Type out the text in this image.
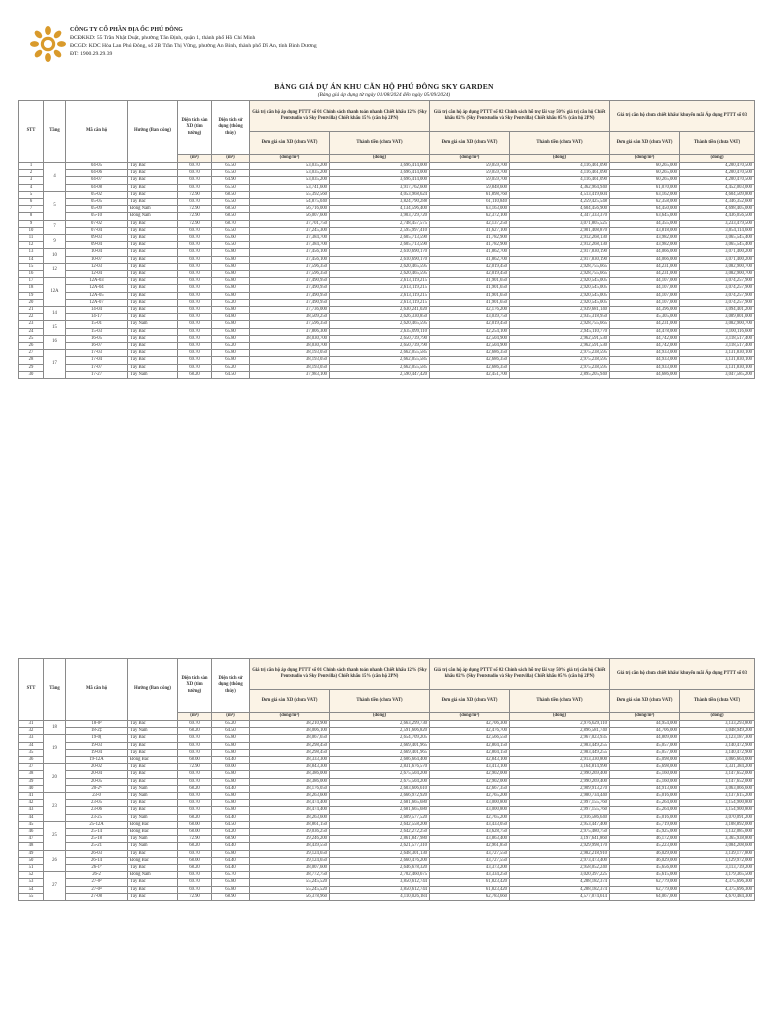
CÔNG TY CỔ PHẦN ĐỊA ỐC PHÚ ĐÔNG
ĐCĐKKD: 55 Trần Nhật Duật, phường Tân Định, quận 1, thành phố Hồ Chí Minh
ĐCGD: KDC Hòa Lan Phú Đông, số 2B Trần Thị Vững, phường An Bình, thành phố Dĩ An, tỉnh Bình Dương
ĐT: 1900.29.29.39
BẢNG GIÁ DỰ ÁN KHU CĂN HỘ PHÚ ĐÔNG SKY GARDEN
(Bảng giá áp dụng từ ngày 01/08/2024 đến ngày 05/09/2024)
STT	Tầng	Mã căn hộ	Hướng (Ban công)	Diện tích sàn XD (tim tường)	Diện tích sử dụng (thông thủy)	Giá trị căn hộ áp dụng PTTT số 01 Chính sách thanh toán nhanh Chiết khấu 12% (Sky Pentstudio và Sky Pentvilla) Chiết khấu 15% (căn hộ 2PN)		Giá trị căn hộ áp dụng PTTT số 02 Chính sách hỗ trợ lãi vay 50% giá trị căn hộ Chiết khấu 02% (Sky Pentstudio và Sky Pentvilla) Chiết khấu 05% (căn hộ 2PN)		Giá trị căn hộ chưa chiết khấu/ khuyến mãi Áp dụng PTTT số 03	
						Đơn giá sàn XD (chưa VAT)	Thành tiền (chưa VAT)	Đơn giá sàn XD (chưa VAT)	Thành tiền (chưa VAT)	Đơn giá sàn XD (chưa VAT)	Thành tiền (chưa VAT)
				(m²)	(m²)	(đồng/m²)	(đồng)	(đồng/m²)	(đồng)	(đồng/m²)	(đồng)
1	4	04-05	Tây Bắc	69.70	65.50	53,035,200	3,696,414,000	59,059,700	4,116,461,090	60,265,000	4,200,470,500
2		04-06	Tây Bắc	69.70	65.50	53,035,200	3,696,414,000	59,059,700	4,116,461,090	60,265,000	4,200,470,500
3		04-07	Tây Bắc	69.70	64.90	53,035,200	3,696,414,000	59,059,700	4,116,461,090	60,265,000	4,200,470,500
4		04-08	Tây Bắc	69.70	65.50	53,741,600	3,917,762,600	59,848,600	4,362,964,940	61,070,000	4,452,003,000
5	5	05-02	Tây Bắc	72.90	68.50	55,392,560	4,053,968,624	61,898,760	4,513,419,604	63,162,000	4,604,509,800
6		05-05	Tây Bắc	69.70	65.50	54,875,040	3,824,790,288	61,110,840	4,259,425,548	62,358,000	4,346,352,600
7		05-09	Đông Nam	72.90	68.50	56,716,000	4,134,596,400	63,163,000	4,604,456,900	64,450,000	4,698,405,000
8		05-10	Đông Nam	72.90	68.50	56,007,600	3,903,729,720	62,372,100	4,347,333,370	63,645,000	4,436,056,500
9	7	07-02	Tây Bắc	72.90	68.70	37,701,750	2,748,457,575	42,137,250	3,071,805,525	44,355,000	3,233,479,500
10		07-04	Tây Bắc	69.70	65.50	37,245,300	2,595,997,410	41,627,100	2,901,408,870	43,818,000	3,054,114,600
11	9	09-03	Tây Bắc	69.70	65.60	37,384,700	2,605,713,590	41,782,900	2,912,268,130	43,982,000	3,065,545,400
12		09-04	Tây Bắc	69.70	65.50	37,384,700	2,605,713,590	41,782,900	2,912,268,130	43,982,000	3,065,545,400
13	10	10-04	Tây Bắc	69.70	65.80	37,456,100	2,610,690,170	41,862,700	2,917,830,190	44,066,000	3,071,400,200
14		10-07	Tây Bắc	69.70	65.80	37,456,100	2,610,690,170	41,862,700	2,917,830,190	44,066,000	3,071,400,200
15	12	12-03	Tây Bắc	69.70	65.80	37,596,350	2,620,465,595	42,019,450	2,928,755,665	44,231,000	3,082,900,700
16		12-04	Tây Bắc	69.70	65.80	37,596,350	2,620,465,595	42,019,450	2,928,755,665	44,231,000	3,082,900,700
17	12A	12A-03	Tây Bắc	69.70	65.80	37,490,950	2,613,119,215	41,901,650	2,920,545,005	44,107,000	3,074,257,900
18		12A-04	Tây Bắc	69.70	65.80	37,490,950	2,613,119,215	41,901,650	2,920,545,005	44,107,000	3,074,257,900
19		12A-05	Tây Bắc	69.70	65.80	37,490,950	2,613,119,215	41,901,650	2,920,545,005	44,107,000	3,074,257,900
20		12A-07	Tây Bắc	69.70	65.20	37,490,950	2,613,119,215	41,901,650	2,920,545,005	44,107,000	3,074,257,900
21	14	14-04	Tây Bắc	69.70	65.80	37,736,000	2,630,241,020	42,176,200	2,939,681,140	44,396,000	3,094,401,200
22		14-17	Tây Bắc	69.70	64.80	38,509,250	2,626,330,850	43,039,750	2,935,318,950	45,305,000	3,089,801,000
23	15	15-01	Tây Nam	69.70	65.80	37,596,350	2,620,465,595	42,019,450	2,928,755,665	44,231,000	3,082,900,700
24		15-03	Tây Bắc	69.70	65.80	37,806,300	2,635,099,110	42,254,100	2,945,110,770	44,478,000	3,100,116,600
25	16	16-05	Tây Bắc	69.70	65.80	38,030,700	2,650,739,790	42,504,900	2,962,591,530	44,742,000	3,118,517,400
26		16-07	Tây Bắc	69.70	65.20	38,030,700	2,650,739,790	42,504,900	2,962,591,530	44,742,000	3,118,517,400
27	17	17-03	Tây Bắc	69.70	65.80	38,193,050	2,662,055,585	42,686,350	2,975,238,595	44,933,000	3,131,830,100
28		17-04	Tây Bắc	69.70	65.80	38,193,050	2,662,055,585	42,686,350	2,975,238,595	44,933,000	3,131,830,100
29		17-07	Tây Bắc	69.70	65.20	38,193,050	2,662,055,585	42,686,350	2,975,238,595	44,933,000	3,131,830,100
30		17-27	Tây Nam	68.20	64.50	37,983,100	2,590,447,420	42,451,700	2,895,205,940	44,686,000	3,047,585,200
STT	Tầng	Mã căn hộ	Hướng (Ban công)	Diện tích sàn XD (tim tường)	Diện tích sử dụng (thông thủy)	Giá trị căn hộ áp dụng PTTT số 01 Chính sách thanh toán nhanh Chiết khấu 12% (Sky Pentstudio và Sky Pentvilla) Chiết khấu 15% (căn hộ 2PN)		Giá trị căn hộ áp dụng PTTT số 02 Chính sách hỗ trợ lãi vay 50% giá trị căn hộ Chiết khấu 02% (Sky Pentstudio và Sky Pentvilla) Chiết khấu 05% (căn hộ 2PN)		Giá trị căn hộ chưa chiết khấu/ khuyến mãi Áp dụng PTTT số 03	
						Đơn giá sàn XD (chưa VAT)	Thành tiền (chưa VAT)	Đơn giá sàn XD (chưa VAT)	Thành tiền (chưa VAT)	Đơn giá sàn XD (chưa VAT)	Thành tiền (chưa VAT)
				(m²)	(m²)	(đồng/m²)	(đồng)	(đồng/m²)	(đồng)	(đồng/m²)	(đồng)
31	18	18-0²	Tây Bắc	69.70	65.20	38,210,900	2,663,299,730	42,706,300	2,976,629,110	44,954,000	3,133,293,800
32		18-2‡	Tây Nam	68.20	64.50	38,006,100	2,591,606,820	42,476,700	2,896,581,740	44,706,000	3,048,949,200
33	19	19-0(	Tây Bắc	69.70	65.80	38,067,650	2,654,709,205	42,566,550	2,967,023,935	44,809,000	3,123,187,300
34		19-03	Tây Bắc	69.70	65.80	38,298,450	2,669,401,965	42,804,150	2,983,449,255	45,057,000	3,140,472,900
35		19-04	Tây Bắc	69.70	65.80	38,298,450	2,669,401,965	42,804,150	2,983,449,255	45,057,000	3,140,472,900
36		19-12A	Đông Bắc	68.00	64.40	38,333,300	2,606,664,400	42,843,100	2,913,330,800	45,098,000	3,066,664,000
37	20	20-02	Tây Bắc	72.90	69.00	38,843,300	2,831,676,570	43,413,100	3,164,814,990	45,698,000	3,331,384,200
38		20-04	Tây Bắc	69.70	65.80	38,386,000	2,675,504,200	42,902,000	2,990,269,400	45,160,000	3,147,652,000
39		20-05	Tây Bắc	69.70	65.80	38,386,000	2,675,504,200	42,902,000	2,990,269,400	45,160,000	3,147,652,000
40		20-2⁵	Tây Nam	68.20	64.40	38,176,050	2,603,606,610	42,667,350	2,909,913,270	44,913,000	3,063,066,600
41	23	23-0	Tây Nam	69.70	65.80	38,263,600	2,666,972,920	42,765,200	2,980,734,440	45,016,000	3,137,615,200
42		23-05	Tây Bắc	69.70	65.80	38,474,400	2,681,665,680	43,000,800	2,997,155,760	45,264,000	3,154,900,800
43		23-06	Tây Bắc	69.70	65.80	38,474,400	2,681,665,680	43,000,800	2,997,155,760	45,264,000	3,154,900,800
44		23-25	Tây Nam	68.20	64.40	38,263,600	2,609,577,520	42,765,200	2,916,586,640	45,016,000	3,070,091,200
45	25	25-12A	Đông Bắc	68.00	64.50	38,861,150	2,642,558,200	43,433,050	2,953,447,400	45,719,000	3,108,892,000
46		25-14	Đông Bắc	68.00	64.20	39,036,250	2,642,272,250	43,628,750	2,975,480,750	45,925,000	3,132,085,000
47		25-18	Tây Nam	72.90	68.90	39,246,200	2,861,847,980	43,863,400	3,197,641,860	46,172,000	3,365,938,800
48		25-21	Tây Nam	68.20	64.40	38,439,550	2,621,577,310	42,961,850	2,929,998,170	45,223,000	3,084,208,600
49	26	26-03	Tây Bắc	69.70	65.80	39,124,650	2,648,301,130	43,727,550	2,982,218,910	46,029,000	3,139,177,800
50		26-14	Đông Bắc	68.00	64.40	39,124,650	2,660,476,200	43,727,550	2,973,473,400	46,029,000	3,129,972,000
51		26-1⁷	Tây Bắc	68.20	64.40	38,007,600	2,646,678,320	43,373,200	2,958,052,240	45,656,000	3,113,739,200
52	27	26-2	Đông Nam	69.70	65.70	38,772,750	2,702,460,675	43,334,250	3,020,397,225	45,615,000	3,179,365,500
53		27-0²	Tây Bắc	69.70	65.80	55,245,520	3,850,612,744	61,823,420	4,288,182,374	62,779,000	4,375,696,300
54		27-0⁴	Tây Bắc	69.70	65.80	55,245,520	3,850,612,744	61,823,420	4,288,182,374	62,779,000	4,375,696,300
55		27-08	Tây Bắc	72.90	68.90	56,378,960	4,110,026,184	62,783,660	4,577,074,614	64,067,000	4,670,484,300
